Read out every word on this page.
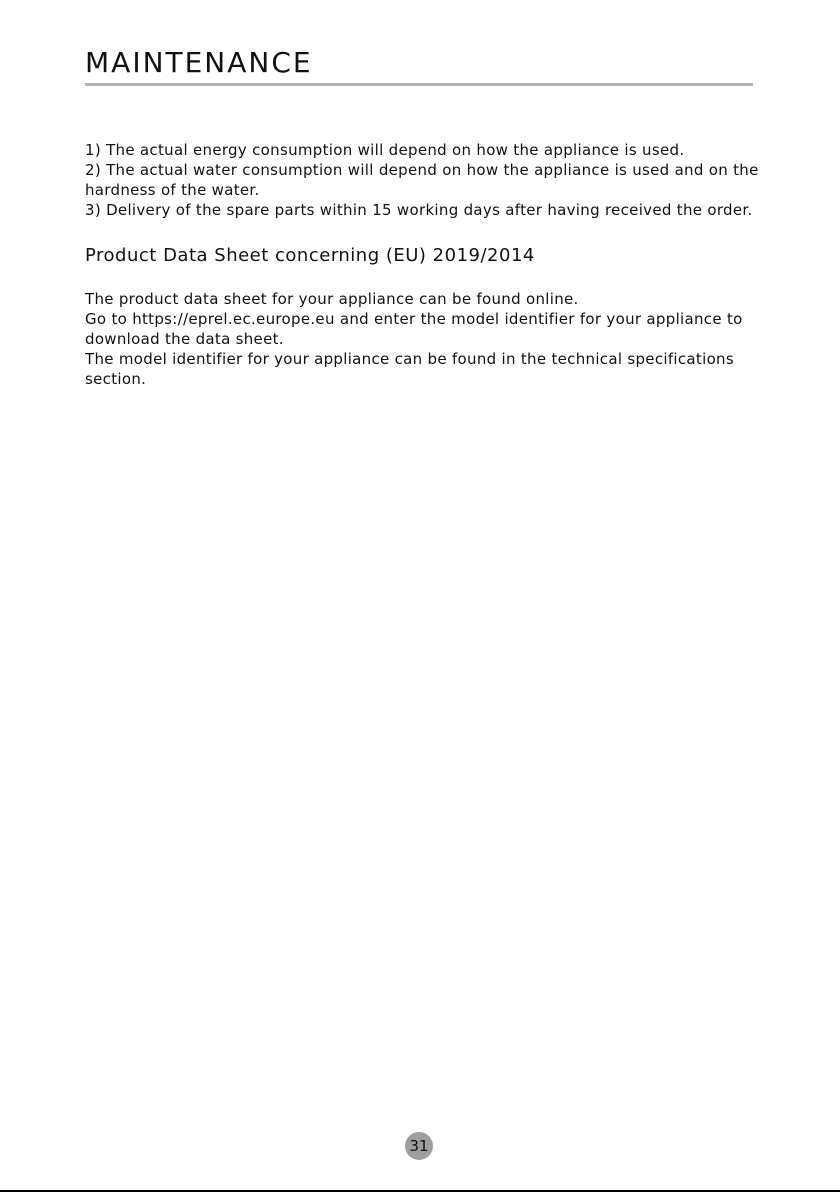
MAINTENANCE

1) The actual energy consumption will depend on how the appliance is used.

2) The actual water consumption will depend on how the appliance is used and on the

hardness of the water.

3) Delivery of the spare parts within 15 working days after having received the order.

Product Data Sheet concerning (EU) 2019/2014

The product data sheet for your appliance can be found online.

Go to https://eprel.ec.europe.eu and enter the model identifier for your appliance to

download the data sheet.

The model identifier for your appliance can be found in the technical specifications

section.

31
